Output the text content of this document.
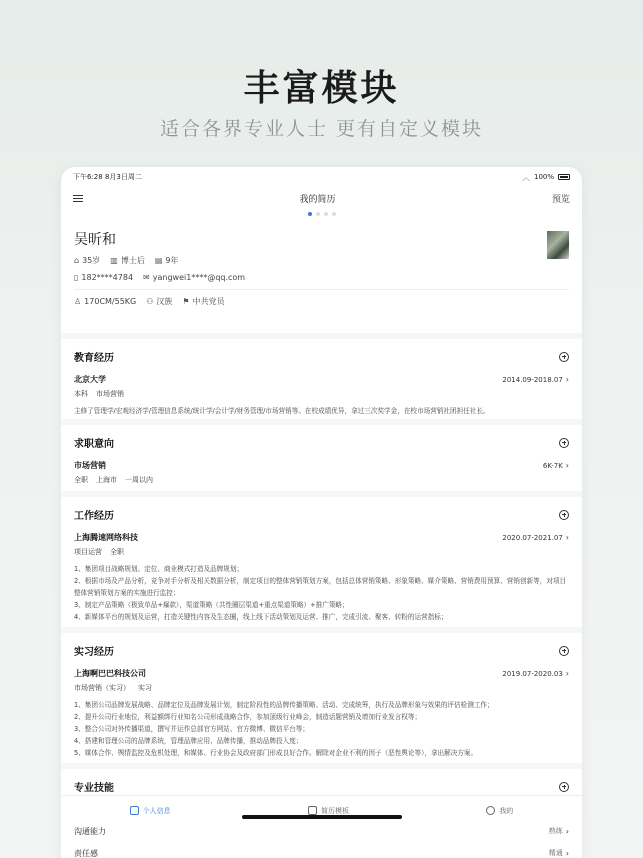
丰富模块
适合各界专业人士 更有自定义模块
下午6:28 8月3日周二	︿ 100%
我的简历	预览
吴昕和
⌂ 35岁 ▥ 博士后 ▤ 9年
▯ 182****4784 ✉ yangwei1****@qq.com
♙ 170CM/55KG ⚇ 汉族 ⚑ 中共党员
教育经历
北京大学	2014.09-2018.07 ›
本科 市场营销
主修了管理学/宏观经济学/管理信息系统/统计学/会计学/财务管理/市场营销等。在校成绩优异，拿过三次奖学金，在校市场营销社团担任社长。
求职意向
市场营销	6K-7K ›
全职 上海市 一周以内
工作经历
上海腾速网络科技	2020.07-2021.07 ›
项目运营 全职
1、集团项目战略规划、定位、商业模式打造及品牌规划；
2、根据市场及产品分析，竞争对手分析及相关数据分析，制定项目的整体营销策划方案，包括总体营销策略、形象策略、媒介策略、营销费用预算、营销创新等，对项目整体营销策划方案的实施进行监控；
3、制定产品策略（极致单品+爆款），渠道策略（共性圈层渠道+重点渠道策略）+推广策略；
4、新媒体平台的规划及运营，打造关键性内容及生态圈，线上线下活动策划及运营、推广，完成引流、聚客、转粉的运营指标；
实习经历
上海啊巴巴科技公司	2019.07-2020.03 ›
市场营销（实习） 实习
1、集团公司品牌发展战略、品牌定位及品牌发展计划，制定阶段性的品牌传播策略、活动、完成统筹，执行及品牌形象与效果的评估检测工作；
2、提升公司行业地位，利益额绑行业知名公司形成战略合作，参加顶级行业峰会，制造话题营销及增加行业发言权等；
3、整合公司对外传播渠道，撰写并运作总部官方网站、官方微博、微信平台等；
4、搭建和管理公司的品牌系统，管理品牌应用、品牌传播，推动品牌投入度；
5、媒体合作、舆情监控及危机处理，和媒体、行业协会及政府部门形成良好合作。解除对企业不利的因子（恶性舆论等），拿出解决方案。
专业技能
沟通能力	熟练 ›
责任感	精通 ›
个人信息	简历模板	我的
